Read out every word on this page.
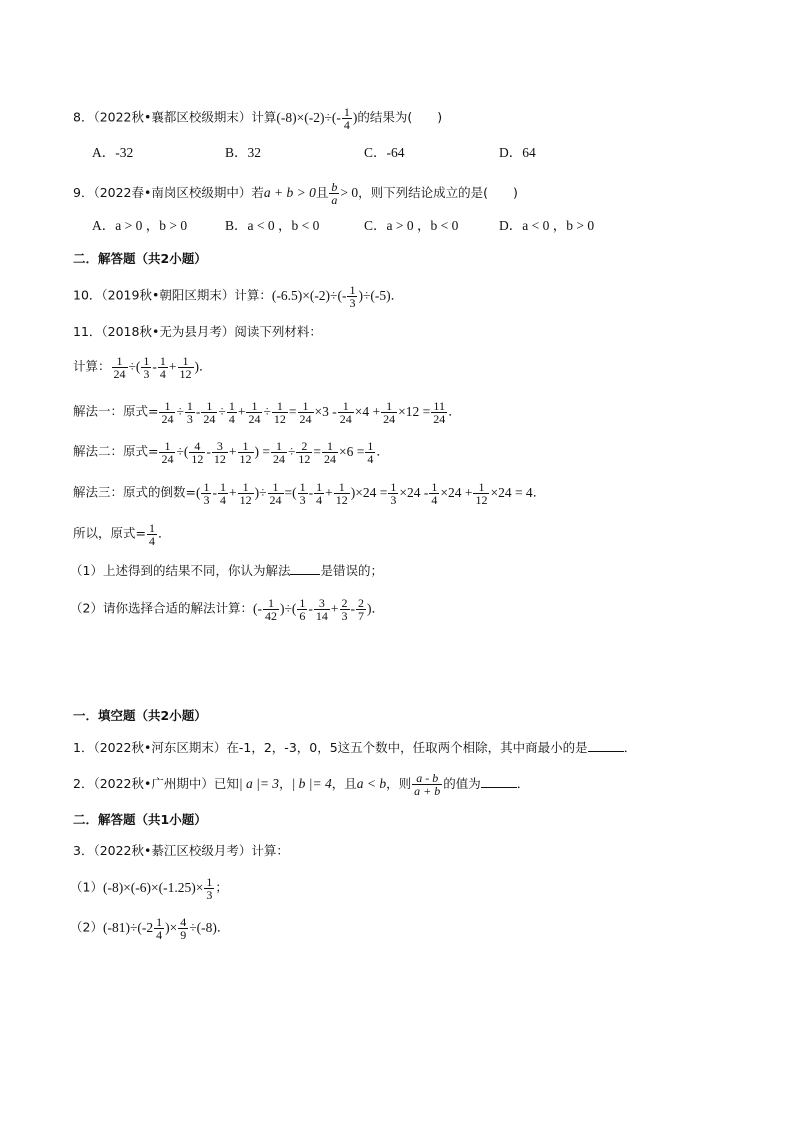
8．（2022秋•襄都区校级期末）计算$(-8)\times(-2)\div(- \frac{1}{4}$ )的结果为(　　)
A．-32	B．32	C．-64	D．64
9．（2022春•南岗区校级期中）若a + b > 0且 $\frac{b}{a} > 0$，则下列结论成立的是(　　)
A．a > 0 ，b > 0	B．a < 0 ，b < 0	C．a > 0 ，b < 0	D．a < 0 ，b > 0
二．解答题（共2小题）
10．（2019秋•朝阳区期末）计算：$(-6.5)\times(-2)\div(- \frac{1}{3} )\div(-5)$．
11．（2018秋•无为县月考）阅读下列材料：
计算： $\frac{1}{24}$ ÷( $\frac{1}{3} - \frac{1}{4} + \frac{1}{12}$ )．
解法一：原式= $\frac{1}{24} \div \frac{1}{3} - \frac{1}{24} \div \frac{1}{4} + \frac{1}{24} \div \frac{1}{12} = \frac{1}{24} \times 3 - \frac{1}{24} \times 4 + \frac{1}{24} \times 12 = \frac{11}{24}$ ．
解法二：原式= $\frac{1}{24}$ ÷( $\frac{4}{12} - \frac{3}{12} + \frac{1}{12}$ ) = $\frac{1}{24} \div \frac{2}{12} = \frac{1}{24} \times 6 = \frac{1}{4}$ ．
解法三：原式的倒数=( $\frac{1}{3} - \frac{1}{4} + \frac{1}{12}$ )÷ $\frac{1}{24}$ =( $\frac{1}{3} - \frac{1}{4} + \frac{1}{12} )\times 24 = \frac{1}{3} \times 24 - \frac{1}{4} \times 24 + \frac{1}{12} \times 24 = 4$．
所以，原式= $\frac{1}{4}$ ．
（1）上述得到的结果不同，你认为解法 是错误的；
（2）请你选择合适的解法计算：(- $\frac{1}{42}$ )÷( $\frac{1}{6} - \frac{3}{14} + \frac{2}{3} - \frac{2}{7}$ )．
一．填空题（共2小题）
1．（2022秋•河东区期末）在-1，2，-3，0，5这五个数中，任取两个相除，其中商最小的是	．
2．（2022秋•广州期中）已知| a |= 3，| b |= 4，且a < b，则 $\frac{a - b}{a + b}$ 的值为	．
二．解答题（共1小题）
3．（2022秋•綦江区校级月考）计算：
$(1)(-8)\times(-6)\times(-1.25)\times \frac{1}{3}$ ；
$(2)(-81)\div(-2 \frac{1}{4}$ )× $\frac{4}{9} \div(-8)$．
